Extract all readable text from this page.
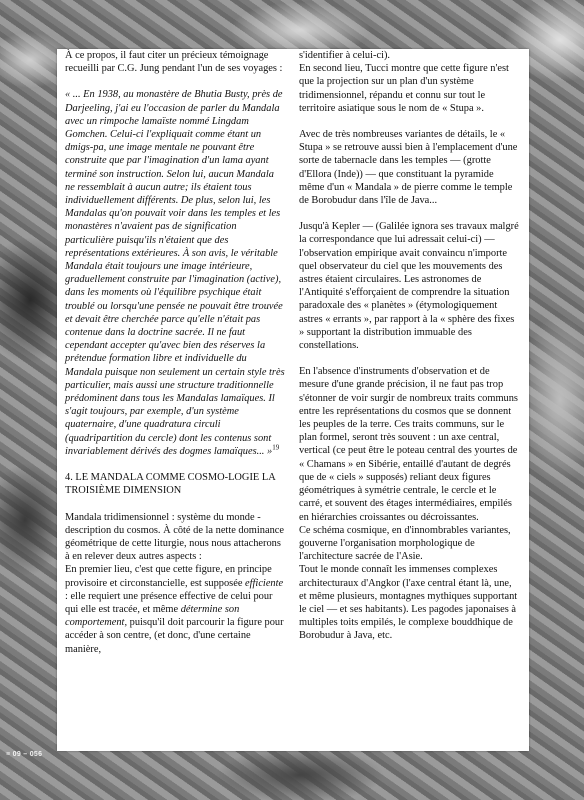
À ce propos, il faut citer un précieux témoignage recueilli par C.G. Jung pendant l'un de ses voyages :

« ... En 1938, au monastère de Bhutia Busty, près de Darjeeling, j'ai eu l'occasion de parler du Mandala avec un rimpoche lamaïste nommé Lingdam Gomchen. Celui-ci l'expliquait comme étant un dmigs-pa, une image mentale ne pouvant être construite que par l'imagination d'un lama ayant terminé son instruction. Selon lui, aucun Mandala ne ressemblait à aucun autre; ils étaient tous individuellement différents. De plus, selon lui, les Mandalas qu'on pouvait voir dans les temples et les monastères n'avaient pas de signification particulière puisqu'ils n'étaient que des représentations extérieures. À son avis, le véritable Mandala était toujours une image intérieure, graduellement construite par l'imagination (active), dans les moments où l'équilibre psychique était troublé ou lorsqu'une pensée ne pouvait être trouvée et devait être cherchée parce qu'elle n'était pas contenue dans la doctrine sacrée. Il ne faut cependant accepter qu'avec bien des réserves la prétendue formation libre et individuelle du Mandala puisque non seulement un certain style très particulier, mais aussi une structure traditionnelle prédominent dans tous les Mandalas lamaïques. Il s'agit toujours, par exemple, d'un système quaternaire, d'une quadratura circuli (quadripartition du cercle) dont les contenus sont invariablement dérivés des dogmes lamaïques... »$^{19}$

4. LE MANDALA COMME COSMO-LOGIE LA TROISIÈME DIMENSION

Mandala tridimensionnel : système du monde - description du cosmos. À côté de la nette dominance géométrique de cette liturgie, nous nous attacherons à en relever deux autres aspects :

En premier lieu, c'est que cette figure, en principe provisoire et circonstancielle, est supposée efficiente : elle requiert une présence effective de celui pour qui elle est tracée, et même détermine son comportement, puisqu'il doit parcourir la figure pour accéder à son centre, (et donc, d'une certaine manière,

s'identifier à celui-ci).

En second lieu, Tucci montre que cette figure n'est que la projection sur un plan d'un système tridimensionnel, répandu et connu sur tout le territoire asiatique sous le nom de « Stupa ».

Avec de très nombreuses variantes de détails, le « Stupa » se retrouve aussi bien à l'emplacement d'une sorte de tabernacle dans les temples — (grotte d'Ellora (Inde)) — que constituant la pyramide même d'un « Mandala » de pierre comme le temple de Borobudur dans l'île de Java...

Jusqu'à Kepler — (Galilée ignora ses travaux malgré la correspondance que lui adressait celui-ci) — l'observation empirique avait convaincu n'importe quel observateur du ciel que les mouvements des astres étaient circulaires. Les astronomes de l'Antiquité s'efforçaient de comprendre la situation paradoxale des « planètes » (étymologiquement astres « errants », par rapport à la « sphère des fixes » supportant la distribution immuable des constellations.

En l'absence d'instruments d'observation et de mesure d'une grande précision, il ne faut pas trop s'étonner de voir surgir de nombreux traits communs entre les représentations du cosmos que se donnent les peuples de la terre. Ces traits communs, sur le plan formel, seront très souvent : un axe central, vertical (ce peut être le poteau central des yourtes de « Chamans » en Sibérie, entaillé d'autant de degrés que de « ciels » supposés) reliant deux figures géométriques à symétrie centrale, le cercle et le carré, et souvent des étages intermédiaires, empilés en hiérarchies croissantes ou décroissantes.

Ce schéma cosmique, en d'innombrables variantes, gouverne l'organisation morphologique de l'architecture sacrée de l'Asie.

Tout le monde connaît les immenses complexes architecturaux d'Angkor (l'axe central étant là, une, et même plusieurs, montagnes mythiques supportant le ciel — et ses habitants). Les pagodes japonaises à multiples toits empilés, le complexe bouddhique de Borobudur à Java, etc.

≡ 09 – 056
